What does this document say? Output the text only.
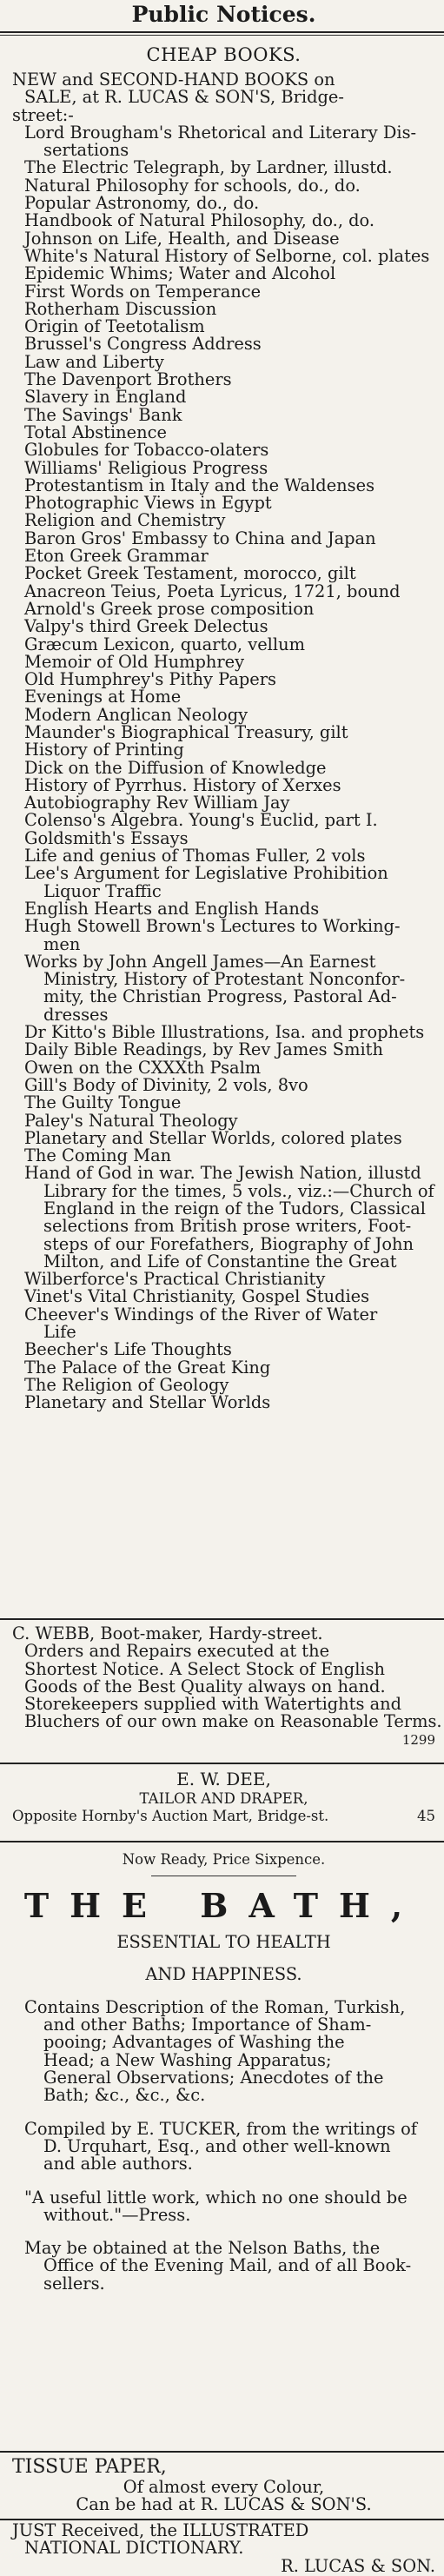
Public Notices.
CHEAP BOOKS.
NEW and SECOND-HAND BOOKS on
SALE, at R. LUCAS & SON'S, Bridge-
street:-
Lord Brougham's Rhetorical and Literary Dis-
sertations
The Electric Telegraph, by Lardner, illustd.
Natural Philosophy for schools, do., do.
Popular Astronomy, do., do.
Handbook of Natural Philosophy, do., do.
Johnson on Life, Health, and Disease
White's Natural History of Selborne, col. plates
Epidemic Whims; Water and Alcohol
First Words on Temperance
Rotherham Discussion
Origin of Teetotalism
Brussel's Congress Address
Law and Liberty
The Davenport Brothers
Slavery in England
The Savings' Bank
Total Abstinence
Globules for Tobacco-olaters
Williams' Religious Progress
Protestantism in Italy and the Waldenses
Photographic Views in Egypt
Religion and Chemistry
Baron Gros' Embassy to China and Japan
Eton Greek Grammar
Pocket Greek Testament, morocco, gilt
Anacreon Teius, Poeta Lyricus, 1721, bound
Arnold's Greek prose composition
Valpy's third Greek Delectus
Græcum Lexicon, quarto, vellum
Memoir of Old Humphrey
Old Humphrey's Pithy Papers
Evenings at Home
Modern Anglican Neology
Maunder's Biographical Treasury, gilt
History of Printing
Dick on the Diffusion of Knowledge
History of Pyrrhus. History of Xerxes
Autobiography Rev William Jay
Colenso's Algebra. Young's Euclid, part I.
Goldsmith's Essays
Life and genius of Thomas Fuller, 2 vols
Lee's Argument for Legislative Prohibition
Liquor Traffic
English Hearts and English Hands
Hugh Stowell Brown's Lectures to Working-
men
Works by John Angell James—An Earnest
Ministry, History of Protestant Nonconfor-
mity, the Christian Progress, Pastoral Ad-
dresses
Dr Kitto's Bible Illustrations, Isa. and prophets
Daily Bible Readings, by Rev James Smith
Owen on the CXXXth Psalm
Gill's Body of Divinity, 2 vols, 8vo
The Guilty Tongue
Paley's Natural Theology
Planetary and Stellar Worlds, colored plates
The Coming Man
Hand of God in war. The Jewish Nation, illustd
Library for the times, 5 vols., viz.:—Church of
England in the reign of the Tudors, Classical
selections from British prose writers, Foot-
steps of our Forefathers, Biography of John
Milton, and Life of Constantine the Great
Wilberforce's Practical Christianity
Vinet's Vital Christianity, Gospel Studies
Cheever's Windings of the River of Water
Life
Beecher's Life Thoughts
The Palace of the Great King
The Religion of Geology
Planetary and Stellar Worlds
C. WEBB, Boot-maker, Hardy-street.
Orders and Repairs executed at the
Shortest Notice. A Select Stock of English
Goods of the Best Quality always on hand.
Storekeepers supplied with Watertights and
Bluchers of our own make on Reasonable Terms.
1299
E. W. DEE,
TAILOR AND DRAPER,
Opposite Hornby's Auction Mart, Bridge-st.	45
Now Ready, Price Sixpence.
THE BATH,
ESSENTIAL TO HEALTH
AND HAPPINESS.
Contains Description of the Roman, Turkish,
and other Baths; Importance of Sham-
pooing; Advantages of Washing the
Head; a New Washing Apparatus;
General Observations; Anecdotes of the
Bath; &c., &c., &c.
Compiled by E. TUCKER, from the writings of
D. Urquhart, Esq., and other well-known
and able authors.
"A useful little work, which no one should be
without."—Press.
May be obtained at the Nelson Baths, the
Office of the Evening Mail, and of all Book-
sellers.
TISSUE PAPER,
Of almost every Colour,
Can be had at R. LUCAS & SON'S.
JUST Received, the ILLUSTRATED
NATIONAL DICTIONARY.
R. LUCAS & SON.
